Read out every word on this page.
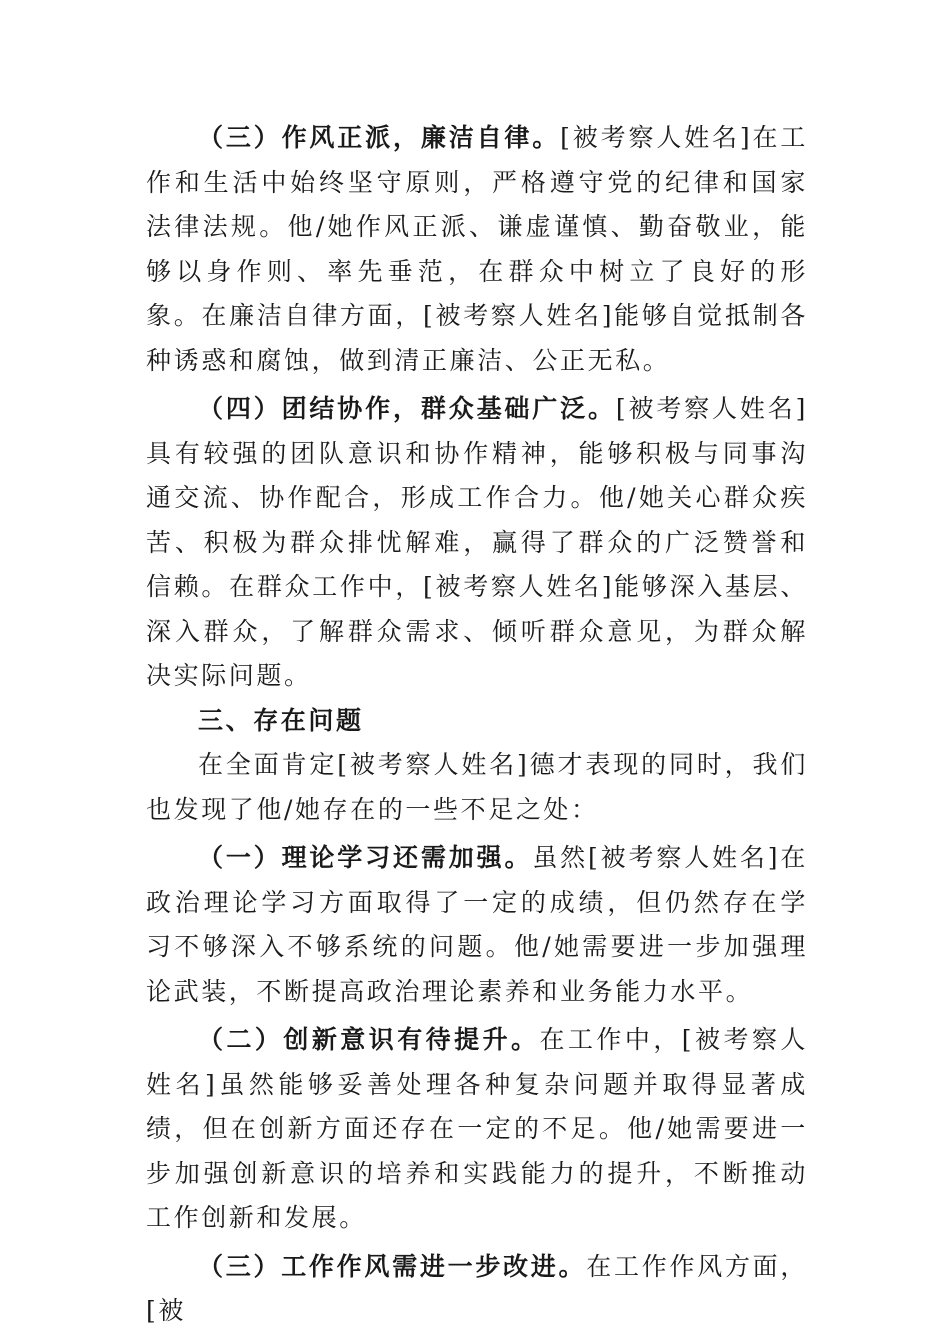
（三）作风正派，廉洁自律。[被考察人姓名]在工作和生活中始终坚守原则，严格遵守党的纪律和国家法律法规。他/她作风正派、谦虚谨慎、勤奋敬业，能够以身作则、率先垂范，在群众中树立了良好的形象。在廉洁自律方面，[被考察人姓名]能够自觉抵制各种诱惑和腐蚀，做到清正廉洁、公正无私。

（四）团结协作，群众基础广泛。[被考察人姓名]具有较强的团队意识和协作精神，能够积极与同事沟通交流、协作配合，形成工作合力。他/她关心群众疾苦、积极为群众排忧解难，赢得了群众的广泛赞誉和信赖。在群众工作中，[被考察人姓名]能够深入基层、深入群众，了解群众需求、倾听群众意见，为群众解决实际问题。

三、存在问题

在全面肯定[被考察人姓名]德才表现的同时，我们也发现了他/她存在的一些不足之处：

（一）理论学习还需加强。虽然[被考察人姓名]在政治理论学习方面取得了一定的成绩，但仍然存在学习不够深入不够系统的问题。他/她需要进一步加强理论武装，不断提高政治理论素养和业务能力水平。

（二）创新意识有待提升。在工作中，[被考察人姓名]虽然能够妥善处理各种复杂问题并取得显著成绩，但在创新方面还存在一定的不足。他/她需要进一步加强创新意识的培养和实践能力的提升，不断推动工作创新和发展。

（三）工作作风需进一步改进。在工作作风方面，[被
